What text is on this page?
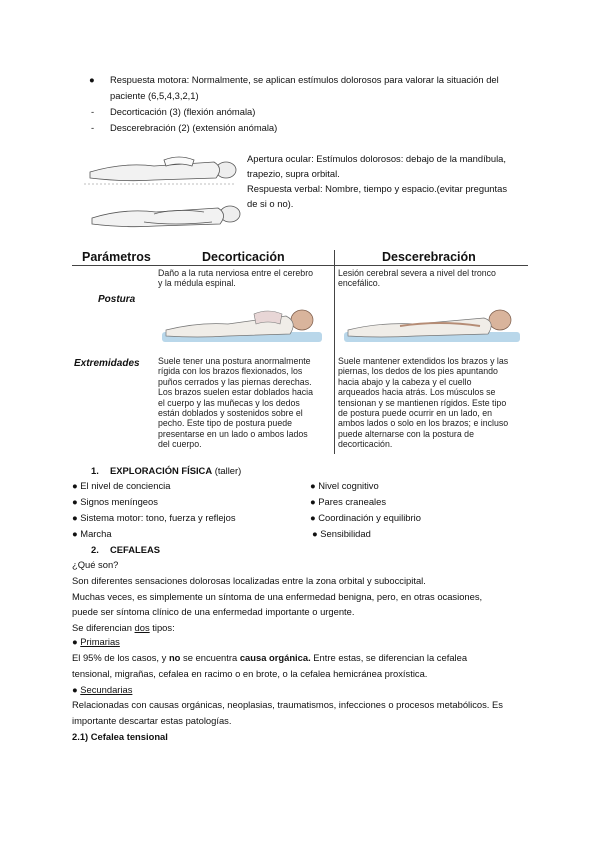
● Respuesta motora: Normalmente, se aplican estímulos dolorosos para valorar la situación del
paciente (6,5,4,3,2,1)
- Decorticación (3) (flexión anómala)
- Descerebración (2) (extensión anómala)
Apertura ocular: Estímulos dolorosos: debajo de la mandíbula,
trapezio, supra orbital.
Respuesta verbal: Nombre, tiempo y espacio.(evitar preguntas
de si o no).
Parámetros	Decorticación	Descerebración
Daño a la ruta nerviosa entre el cerebro
y la médula espinal.
Lesión cerebral severa a nivel del tronco
encefálico.
Postura
Extremidades Suele tener una postura anormalmente
rígida con los brazos flexionados, los
puños cerrados y las piernas derechas.
Los brazos suelen estar doblados hacia
el cuerpo y las muñecas y los dedos
están doblados y sostenidos sobre el
pecho. Este tipo de postura puede
presentarse en un lado o ambos lados
del cuerpo.
Suele mantener extendidos los brazos y las
piernas, los dedos de los pies apuntando
hacia abajo y la cabeza y el cuello
arqueados hacia atrás. Los músculos se
tensionan y se mantienen rígidos. Este tipo
de postura puede ocurrir en un lado, en
ambos lados o solo en los brazos; e incluso
puede alternarse con la postura de
decorticación.
1. EXPLORACIÓN FÍSICA (taller)
● El nivel de conciencia
● Signos meníngeos
● Sistema motor: tono, fuerza y reflejos
● Marcha
● Nivel cognitivo
● Pares craneales
● Coordinación y equilibrio
● Sensibilidad
2. CEFALEAS
¿Qué son?
Son diferentes sensaciones dolorosas localizadas entre la zona orbital y suboccipital.
Muchas veces, es simplemente un síntoma de una enfermedad benigna, pero, en otras ocasiones,
puede ser síntoma clínico de una enfermedad importante o urgente.
Se diferencian dos tipos:
● Primarias
El 95% de los casos, y no se encuentra causa orgánica. Entre estas, se diferencian la cefalea
tensional, migrañas, cefalea en racimo o en brote, o la cefalea hemicránea proxística.
● Secundarias
Relacionadas con causas orgánicas, neoplasias, traumatismos, infecciones o procesos metabólicos. Es
importante descartar estas patologías.
2.1) Cefalea tensional
